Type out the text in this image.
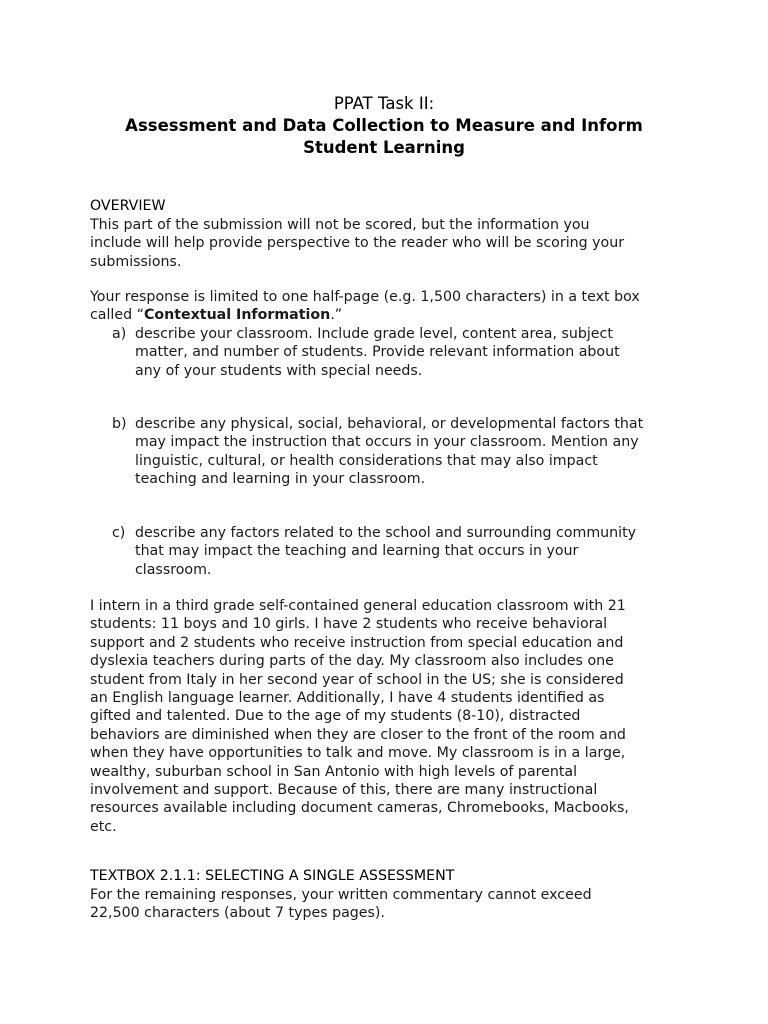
PPAT Task II:
Assessment and Data Collection to Measure and Inform
Student Learning
OVERVIEW
This part of the submission will not be scored, but the information you
include will help provide perspective to the reader who will be scoring your
submissions.
Your response is limited to one half-page (e.g. 1,500 characters) in a text box
called “Contextual Information.”
a) describe your classroom. Include grade level, content area, subject
matter, and number of students. Provide relevant information about
any of your students with special needs.
b) describe any physical, social, behavioral, or developmental factors that
may impact the instruction that occurs in your classroom. Mention any
linguistic, cultural, or health considerations that may also impact
teaching and learning in your classroom.
c) describe any factors related to the school and surrounding community
that may impact the teaching and learning that occurs in your
classroom.
I intern in a third grade self-contained general education classroom with 21
students: 11 boys and 10 girls. I have 2 students who receive behavioral
support and 2 students who receive instruction from special education and
dyslexia teachers during parts of the day. My classroom also includes one
student from Italy in her second year of school in the US; she is considered
an English language learner. Additionally, I have 4 students identified as
gifted and talented. Due to the age of my students (8-10), distracted
behaviors are diminished when they are closer to the front of the room and
when they have opportunities to talk and move. My classroom is in a large,
wealthy, suburban school in San Antonio with high levels of parental
involvement and support. Because of this, there are many instructional
resources available including document cameras, Chromebooks, Macbooks,
etc.
TEXTBOX 2.1.1: SELECTING A SINGLE ASSESSMENT
For the remaining responses, your written commentary cannot exceed
22,500 characters (about 7 types pages).
